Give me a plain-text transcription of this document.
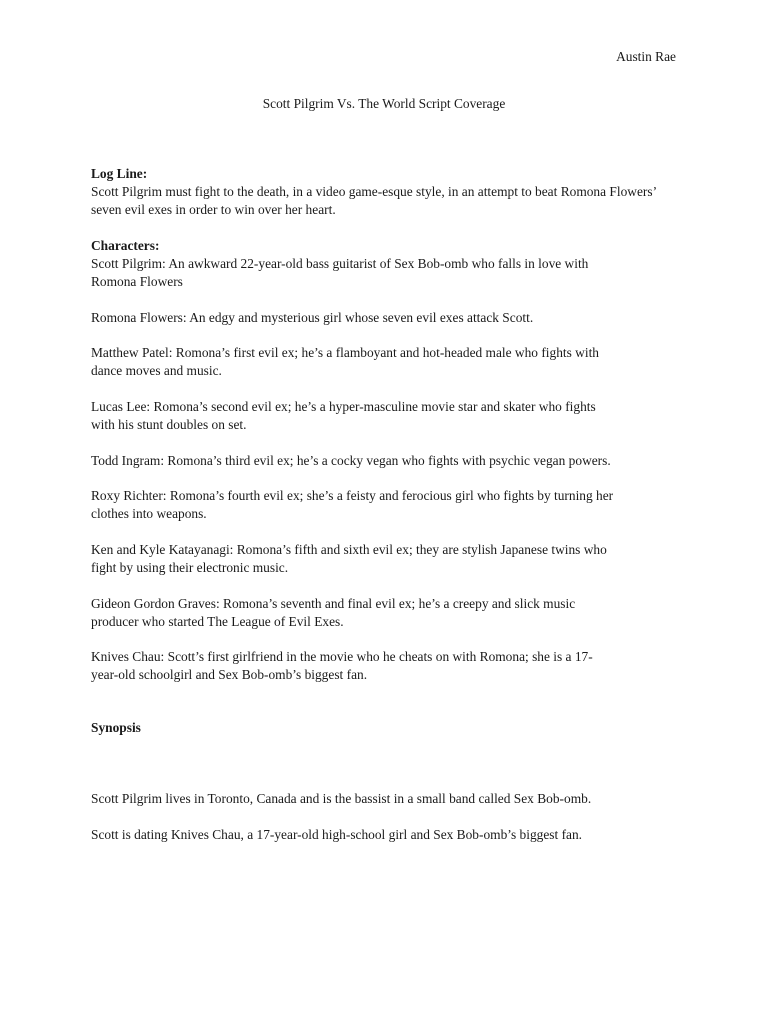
Austin Rae
Scott Pilgrim Vs. The World Script Coverage
Log Line:
Scott Pilgrim must fight to the death, in a video game-esque style, in an attempt to beat Romona Flowers’ seven evil exes in order to win over her heart.
Characters:
Scott Pilgrim: An awkward 22-year-old bass guitarist of Sex Bob-omb who falls in love with
Romona Flowers
Romona Flowers: An edgy and mysterious girl whose seven evil exes attack Scott.
Matthew Patel: Romona’s first evil ex; he’s a flamboyant and hot-headed male who fights with
dance moves and music.
Lucas Lee: Romona’s second evil ex; he’s a hyper-masculine movie star and skater who fights
with his stunt doubles on set.
Todd Ingram: Romona’s third evil ex; he’s a cocky vegan who fights with psychic vegan powers.
Roxy Richter: Romona’s fourth evil ex; she’s a feisty and ferocious girl who fights by turning her
clothes into weapons.
Ken and Kyle Katayanagi: Romona’s fifth and sixth evil ex; they are stylish Japanese twins who
fight by using their electronic music.
Gideon Gordon Graves: Romona’s seventh and final evil ex; he’s a creepy and slick music
producer who started The League of Evil Exes.
Knives Chau: Scott’s first girlfriend in the movie who he cheats on with Romona; she is a 17-
year-old schoolgirl and Sex Bob-omb’s biggest fan.
Synopsis
Scott Pilgrim lives in Toronto, Canada and is the bassist in a small band called Sex Bob-omb.
Scott is dating Knives Chau, a 17-year-old high-school girl and Sex Bob-omb’s biggest fan.
